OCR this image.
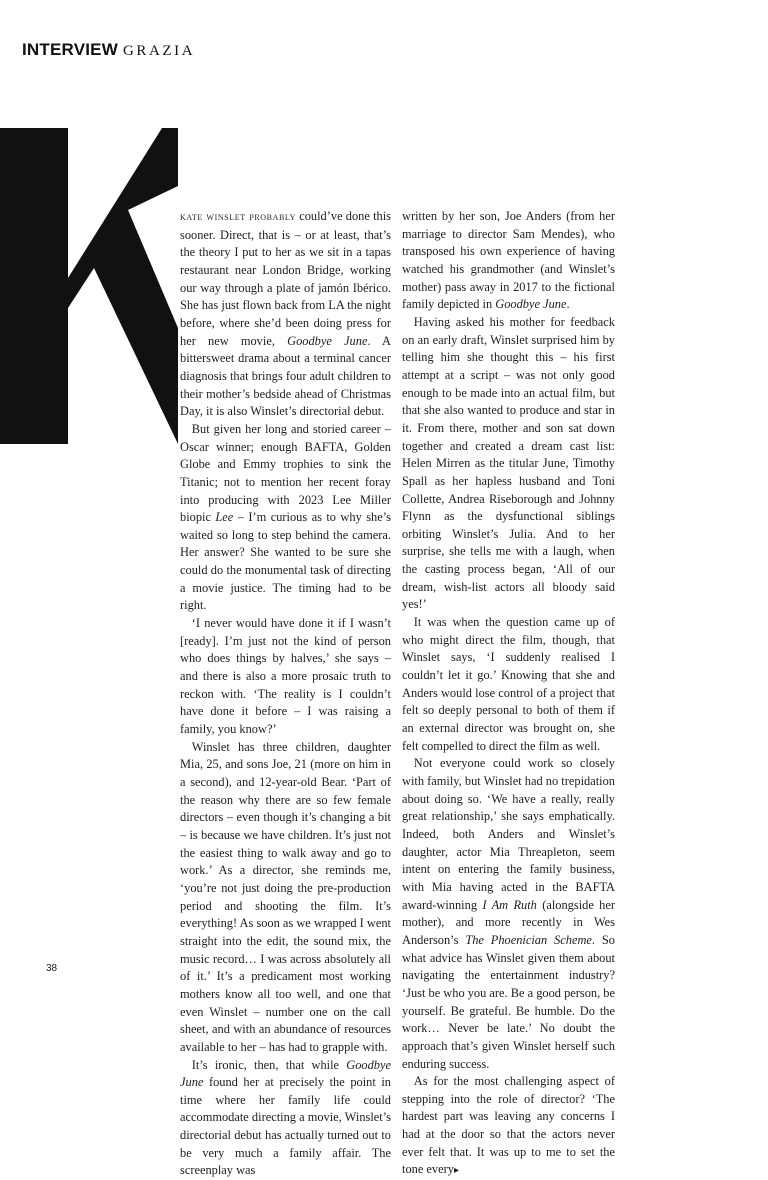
INTERVIEW GRAZIA

kate winslet probably could’ve done this sooner. Direct, that is – or at least, that’s the theory I put to her as we sit in a tapas restaurant near London Bridge, working our way through a plate of jamón Ibérico. She has just flown back from LA the night before, where she’d been doing press for her new movie, Goodbye June. A bittersweet drama about a terminal cancer diagnosis that brings four adult children to their mother’s bedside ahead of Christmas Day, it is also Winslet’s directorial debut.

But given her long and storied career – Oscar winner; enough BAFTA, Golden Globe and Emmy trophies to sink the Titanic; not to mention her recent foray into producing with 2023 Lee Miller biopic Lee – I’m curious as to why she’s waited so long to step behind the camera. Her answer? She wanted to be sure she could do the monumental task of directing a movie justice. The timing had to be right.

‘I never would have done it if I wasn’t [ready]. I’m just not the kind of person who does things by halves,’ she says – and there is also a more prosaic truth to reckon with. ‘The reality is I couldn’t have done it before – I was raising a family, you know?’

Winslet has three children, daughter Mia, 25, and sons Joe, 21 (more on him in a second), and 12-year-old Bear. ‘Part of the reason why there are so few female directors – even though it’s changing a bit – is because we have children. It’s just not the easiest thing to walk away and go to work.’ As a director, she reminds me, ‘you’re not just doing the pre-production period and shooting the film. It’s everything! As soon as we wrapped I went straight into the edit, the sound mix, the music record… I was across absolutely all of it.’ It’s a predicament most working mothers know all too well, and one that even Winslet – number one on the call sheet, and with an abundance of resources available to her – has had to grapple with.

It’s ironic, then, that while Goodbye June found her at precisely the point in time where her family life could accommodate directing a movie, Winslet’s directorial debut has actually turned out to be very much a family affair. The screenplay was

written by her son, Joe Anders (from her marriage to director Sam Mendes), who transposed his own experience of having watched his grandmother (and Winslet’s mother) pass away in 2017 to the fictional family depicted in Goodbye June.

Having asked his mother for feedback on an early draft, Winslet surprised him by telling him she thought this – his first attempt at a script – was not only good enough to be made into an actual film, but that she also wanted to produce and star in it. From there, mother and son sat down together and created a dream cast list: Helen Mirren as the titular June, Timothy Spall as her hapless husband and Toni Collette, Andrea Riseborough and Johnny Flynn as the dysfunctional siblings orbiting Winslet’s Julia. And to her surprise, she tells me with a laugh, when the casting process began, ‘All of our dream, wish-list actors all bloody said yes!’

It was when the question came up of who might direct the film, though, that Winslet says, ‘I suddenly realised I couldn’t let it go.’ Knowing that she and Anders would lose control of a project that felt so deeply personal to both of them if an external director was brought on, she felt compelled to direct the film as well.

Not everyone could work so closely with family, but Winslet had no trepidation about doing so. ‘We have a really, really great relationship,’ she says emphatically. Indeed, both Anders and Winslet’s daughter, actor Mia Threapleton, seem intent on entering the family business, with Mia having acted in the BAFTA award-winning I Am Ruth (alongside her mother), and more recently in Wes Anderson’s The Phoenician Scheme. So what advice has Winslet given them about navigating the entertainment industry? ‘Just be who you are. Be a good person, be yourself. Be grateful. Be humble. Do the work… Never be late.’ No doubt the approach that’s given Winslet herself such enduring success.

As for the most challenging aspect of stepping into the role of director? ‘The hardest part was leaving any concerns I had at the door so that the actors never ever felt that. It was up to me to set the tone every▸

38
